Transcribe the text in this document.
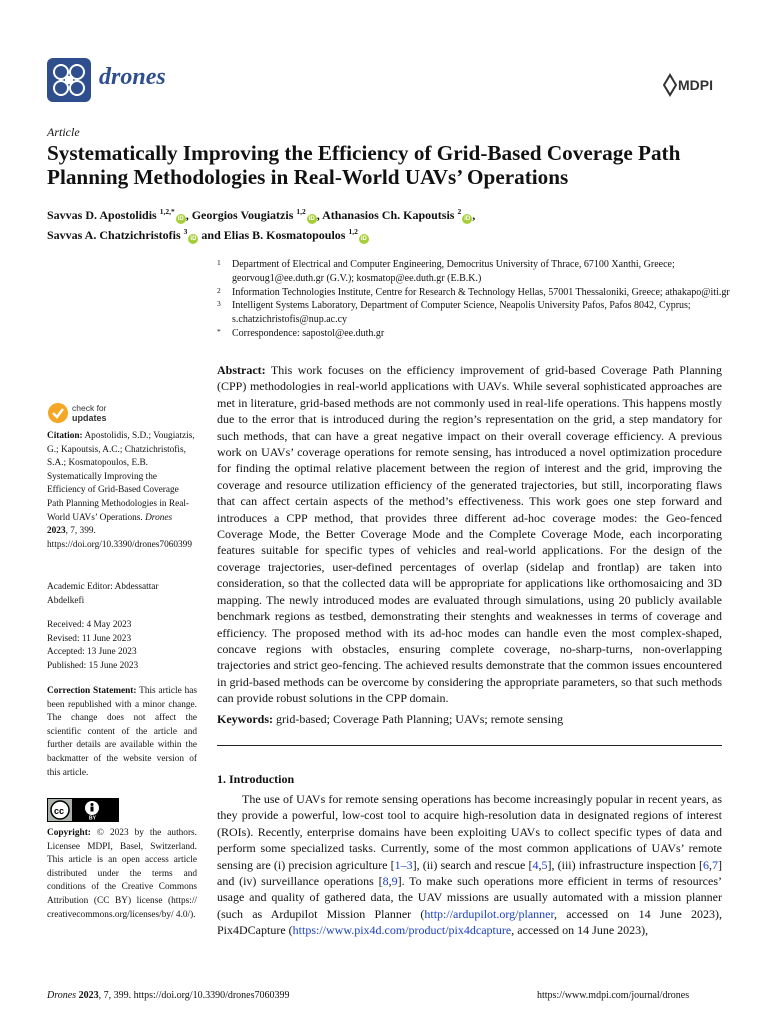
drones	MDPI
Article
Systematically Improving the Efficiency of Grid-Based Coverage Path Planning Methodologies in Real-World UAVs’ Operations
Savvas D. Apostolidis $^{1,2,*}$iD , Georgios Vougiatzis $^{1,2}$iD , Athanasios Ch. Kapoutsis $^2$iD ,
Savvas A. Chatzichristofis $^3$iD and Elias B. Kosmatopoulos $^{1,2}$iD
1 Department of Electrical and Computer Engineering, Democritus University of Thrace, 67100 Xanthi, Greece; georvoug1@ee.duth.gr (G.V.); kosmatop@ee.duth.gr (E.B.K.)
2 Information Technologies Institute, Centre for Research & Technology Hellas, 57001 Thessaloniki, Greece; athakapo@iti.gr
3 Intelligent Systems Laboratory, Department of Computer Science, Neapolis University Pafos, Pafos 8042, Cyprus; s.chatzichristofis@nup.ac.cy
* Correspondence: sapostol@ee.duth.gr
check for
updates
Citation: Apostolidis, S.D.; Vougiatzis, G.; Kapoutsis, A.C.; Chatzichristofis, S.A.; Kosmatopoulos, E.B. Systematically Improving the Efficiency of Grid-Based Coverage Path Planning Methodologies in Real-World UAVs’ Operations. Drones
2023, 7, 399.
https://doi.org/10.3390/drones7060399
Academic Editor: Abdessattar Abdelkefi
Received: 4 May 2023
Revised: 11 June 2023
Accepted: 13 June 2023
Published: 15 June 2023
Correction Statement: This article has been republished with a minor change. The change does not affect the scientific content of the article and further details are available within the backmatter of the website version of this article.
cc
BY
Copyright: © 2023 by the authors. Licensee MDPI, Basel, Switzerland. This article is an open access article distributed under the terms and conditions of the Creative Commons Attribution (CC BY) license (https:// creativecommons.org/licenses/by/ 4.0/).
Abstract: This work focuses on the efficiency improvement of grid-based Coverage Path Planning (CPP) methodologies in real-world applications with UAVs. While several sophisticated approaches are met in literature, grid-based methods are not commonly used in real-life operations. This happens mostly due to the error that is introduced during the region’s representation on the grid, a step mandatory for such methods, that can have a great negative impact on their overall coverage efficiency. A previous work on UAVs’ coverage operations for remote sensing, has introduced a novel optimization procedure for finding the optimal relative placement between the region of interest and the grid, improving the coverage and resource utilization efficiency of the generated trajectories, but still, incorporating flaws that can affect certain aspects of the method’s effectiveness. This work goes one step forward and introduces a CPP method, that provides three different ad-hoc coverage modes: the Geo-fenced Coverage Mode, the Better Coverage Mode and the Complete Coverage Mode, each incorporating features suitable for specific types of vehicles and real-world applications. For the design of the coverage trajectories, user-defined percentages of overlap (sidelap and frontlap) are taken into consideration, so that the collected data will be appropriate for applications like orthomosaicing and 3D mapping. The newly introduced modes are evaluated through simulations, using 20 publicly available benchmark regions as testbed, demonstrating their stenghts and weaknesses in terms of coverage and efficiency. The proposed method with its ad-hoc modes can handle even the most complex-shaped, concave regions with obstacles, ensuring complete coverage, no-sharp-turns, non-overlapping trajectories and strict geo-fencing. The achieved results demonstrate that the common issues encountered in grid-based methods can be overcome by considering the appropriate parameters, so that such methods can provide robust solutions in the CPP domain.
Keywords: grid-based; Coverage Path Planning; UAVs; remote sensing
1. Introduction
The use of UAVs for remote sensing operations has become increasingly popular in recent years, as they provide a powerful, low-cost tool to acquire high-resolution data in designated regions of interest (ROIs). Recently, enterprise domains have been exploiting UAVs to collect specific types of data and perform some specialized tasks. Currently, some of the most common applications of UAVs’ remote sensing are (i) precision agriculture [1–3], (ii) search and rescue [4,5], (iii) infrastructure inspection [6,7] and (iv) surveillance operations [8,9]. To make such operations more efficient in terms of resources’ usage and quality of gathered data, the UAV missions are usually automated with a mission planner (such as Ardupilot Mission Planner (http://ardupilot.org/planner, accessed on 14 June 2023), Pix4DCapture (https://www.pix4d.com/product/pix4dcapture, accessed on 14 June 2023),
Drones 2023, 7, 399. https://doi.org/10.3390/drones7060399	https://www.mdpi.com/journal/drones
